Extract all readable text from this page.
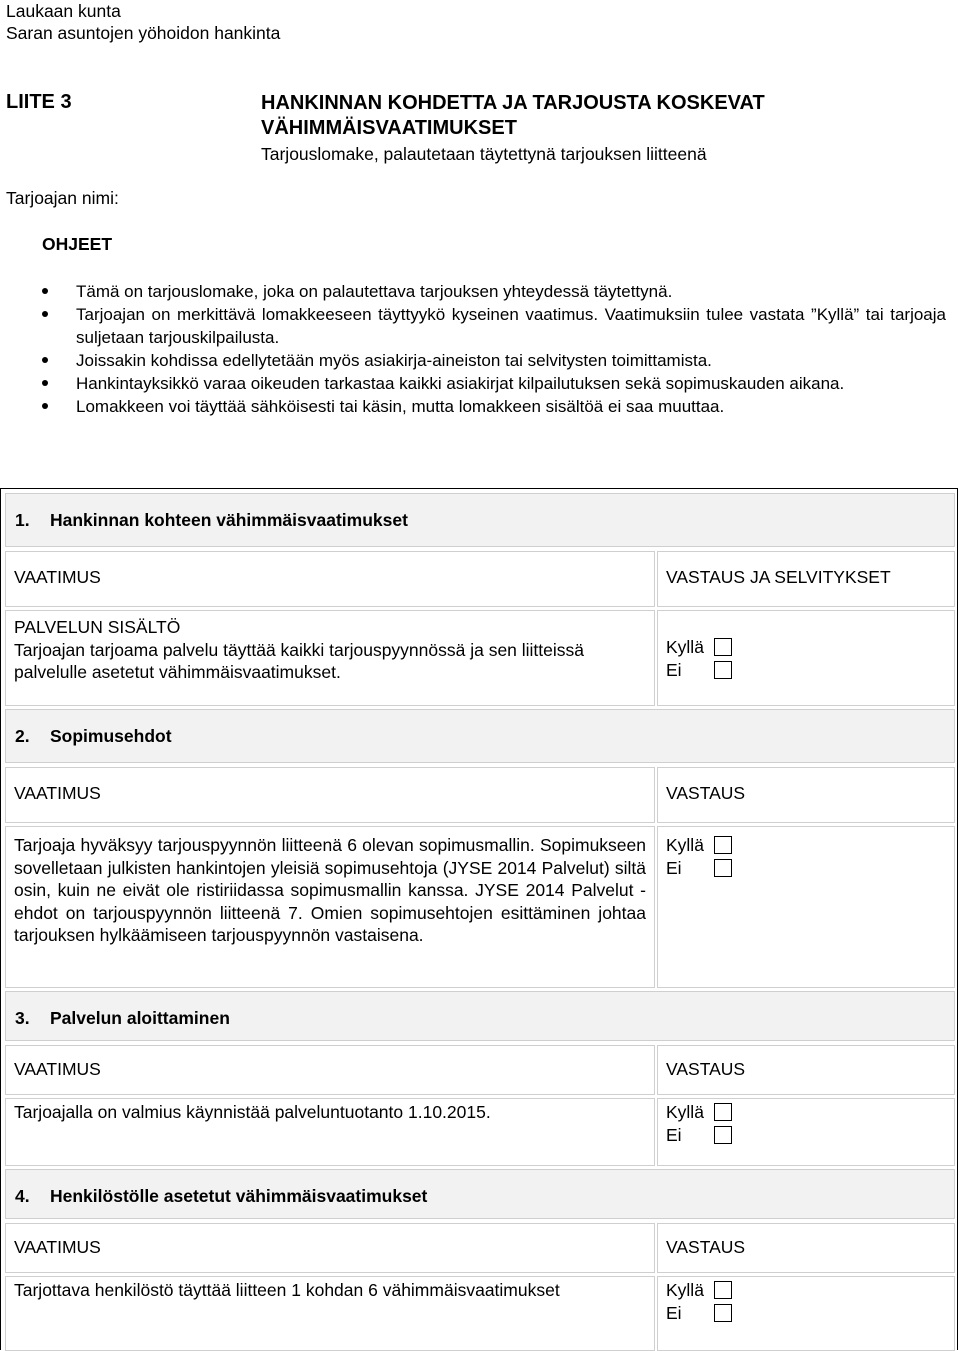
Laukaan kunta
Saran asuntojen yöhoidon hankinta
LIITE 3	HANKINNAN KOHDETTA JA TARJOUSTA KOSKEVAT VÄHIMMÄISVAATIMUKSET
Tarjouslomake, palautetaan täytettynä tarjouksen liitteenä
Tarjoajan nimi:
OHJEET
Tämä on tarjouslomake, joka on palautettava tarjouksen yhteydessä täytettynä.
Tarjoajan on merkittävä lomakkeeseen täyttyykö kyseinen vaatimus. Vaatimuksiin tulee vastata ”Kyllä” tai tarjoaja suljetaan tarjouskilpailusta.
Joissakin kohdissa edellytetään myös asiakirja-aineiston tai selvitysten toimittamista.
Hankintayksikkö varaa oikeuden tarkastaa kaikki asiakirjat kilpailutuksen sekä sopimuskauden aikana.
Lomakkeen voi täyttää sähköisesti tai käsin, mutta lomakkeen sisältöä ei saa muuttaa.
1. Hankinnan kohteen vähimmäisvaatimukset
VAATIMUS	VASTAUS JA SELVITYKSET
PALVELUN SISÄLTÖ
Tarjoajan tarjoama palvelu täyttää kaikki tarjouspyynnössä ja sen liitteissä palvelulle asetetut vähimmäisvaatimukset.
Kyllä
Ei
2. Sopimusehdot
VAATIMUS	VASTAUS
Tarjoaja hyväksyy tarjouspyynnön liitteenä 6 olevan sopimusmallin. Sopimukseen sovelletaan julkisten hankintojen yleisiä sopimusehtoja (JYSE 2014 Palvelut) siltä osin, kuin ne eivät ole ristiriidassa sopimusmallin kanssa. JYSE 2014 Palvelut -ehdot on tarjouspyynnön liitteenä 7. Omien sopimusehtojen esittäminen johtaa tarjouksen hylkäämiseen tarjouspyynnön vastaisena.
Kyllä
Ei
3. Palvelun aloittaminen
VAATIMUS	VASTAUS
Tarjoajalla on valmius käynnistää palveluntuotanto 1.10.2015.	Kyllä
Ei
4. Henkilöstölle asetetut vähimmäisvaatimukset
VAATIMUS	VASTAUS
Tarjottava henkilöstö täyttää liitteen 1 kohdan 6 vähimmäisvaatimukset	Kyllä
Ei
